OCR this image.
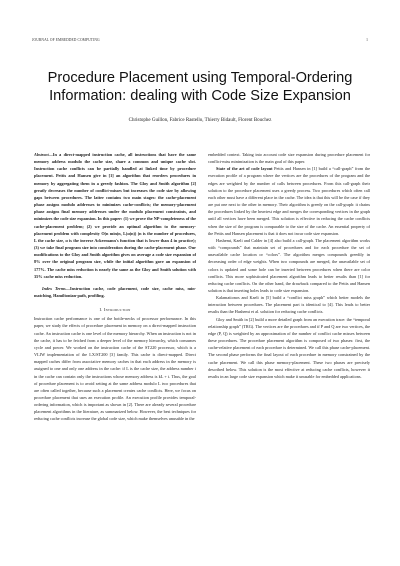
JOURNAL OF EMBEDDED COMPUTING	1
Procedure Placement using Temporal-Ordering Information: dealing with Code Size Expansion
Christophe Guillon, Fabrice Rastello, Thierry Bidault, Florent Bouchez

Abstract—In a direct-mapped instruction cache, all instructions that have the same memory address modulo the cache size, share a common and unique cache slot. Instruction cache conflicts can be partially handled at linked time by procedure placement. Pettis and Hansen give in [1] an algorithm that reorders procedures in memory by aggregating them in a greedy fashion. The Gloy and Smith algorithm [2] greatly decreases the number of conflict-misses but increases the code size by allowing gaps between procedures. The latter contains two main stages: the cache-placement phase assigns modulo addresses to minimizes cache-conflicts; the memory-placement phase assigns final memory addresses under the modulo placement constraints, and minimizes the code size expansion. In this paper: (1) we prove the NP-completeness of the cache-placement problem; (2) we provide an optimal algorithm to the memory-placement problem with complexity O(n min(n, L)α(n)) (n is the number of procedures, L the cache size, α is the inverse Ackermann's function that is lower than 4 in practice); (3) we take final program size into consideration during the cache-placement phase. Our modifications to the Gloy and Smith algorithm gives on average a code size expansion of 8% over the original program size, while the initial algorithm gave an expansion of 177%. The cache miss reduction is nearly the same as the Gloy and Smith solution with 35% cache miss reduction.

Index Terms—Instruction cache, code placement, code size, cache miss, min-matching, Hamiltonian-path, profiling.

I. Introduction

Instruction cache performance is one of the bottle-necks of processor performance. In this paper, we study the effects of procedure placement in memory on a direct-mapped instruction cache. An instruction cache is one level of the memory hierarchy. When an instruction is not in the cache, it has to be fetched from a deeper level of the memory hierarchy, which consumes cycle and power. We worked on the instruction cache of the ST220 processor, which is a VLIW implementation of the LX/ST200 [3] family. This cache is direct-mapped. Direct mapped caches differ from associative memory caches in that each address in the memory is assigned to one and only one address in the cache: if L is the cache size, the address number i in the cache can contain only the instructions whose memory address is kL + i. Thus, the goal of procedure placement is to avoid setting at the same address modulo L two procedures that are often called together, because such a placement creates cache conflicts. Here, we focus on procedure placement that uses an execution profile. An execution profile provides temporal-ordering information, which is important as shown in [2]. There are already several procedure placement algorithms in the literature, as summarized below. However, the best techniques for reducing cache conflicts increase the global code size, which make themselves unusable in the

embedded context. Taking into account code size expansion during procedure placement for conflict-miss minimization is the main goal of this paper.

State of the art of code layout Pettis and Hansen in [1] build a “call-graph” from the execution profile of a program where the vertices are the procedures of the program and the edges are weighted by the number of calls between procedures. From this call-graph their solution to the procedure placement uses a greedy process. Two procedures which often call each other must have a different place in the cache. The idea is that this will be the case if they are put one next to the other in memory. Their algorithm is greedy on the call-graph: it chains the procedures linked by the heaviest edge and merges the corresponding vertices in the graph until all vertices have been merged. This solution is effective in reducing the cache conflicts when the size of the program is comparable to the size of the cache. An essential property of the Pettis and Hansen placement is that it does not incur code size expansion.

Hashemi, Kaeli and Calder in [4] also build a call-graph. The placement algorithm works with “compounds” that maintain set of procedures and for each procedure the set of unavailable cache location or “colors”. The algorithm merges compounds greedily in decreasing order of edge weights. When two compounds are merged, the unavailable set of colors is updated and some hole can be inserted between procedures when there are color conflicts. This more sophisticated placement algorithm leads to better results than [1] for reducing cache conflicts. On the other hand, the drawback compared to the Pettis and Hansen solution is that inserting holes leads to code size expansion.

Kalamationos and Kaeli in [5] build a “conflict miss graph” which better models the interaction between procedures. The placement part is identical to [4]. This leads to better results than the Hashemi et al. solution for reducing cache conflicts.

Gloy and Smith in [2] build a more detailed graph from an execution trace: the “temporal relationship graph” (TRG). The vertices are the procedures and if P and Q are two vertices, the edge (P, Q) is weighted by an approximation of the number of conflict cache misses between these procedures. The procedure placement algorithm is composed of two phases: first, the cache-relative placement of each procedure is determined. We call this phase cache-placement. The second phase performs the final layout of each procedure in memory constrained by the cache placement. We call this phase memory-placement. These two phases are precisely described below. This solution is the most effective at reducing cache conflicts, however it results in an large code size expansion which make it unusable for embedded applications.
